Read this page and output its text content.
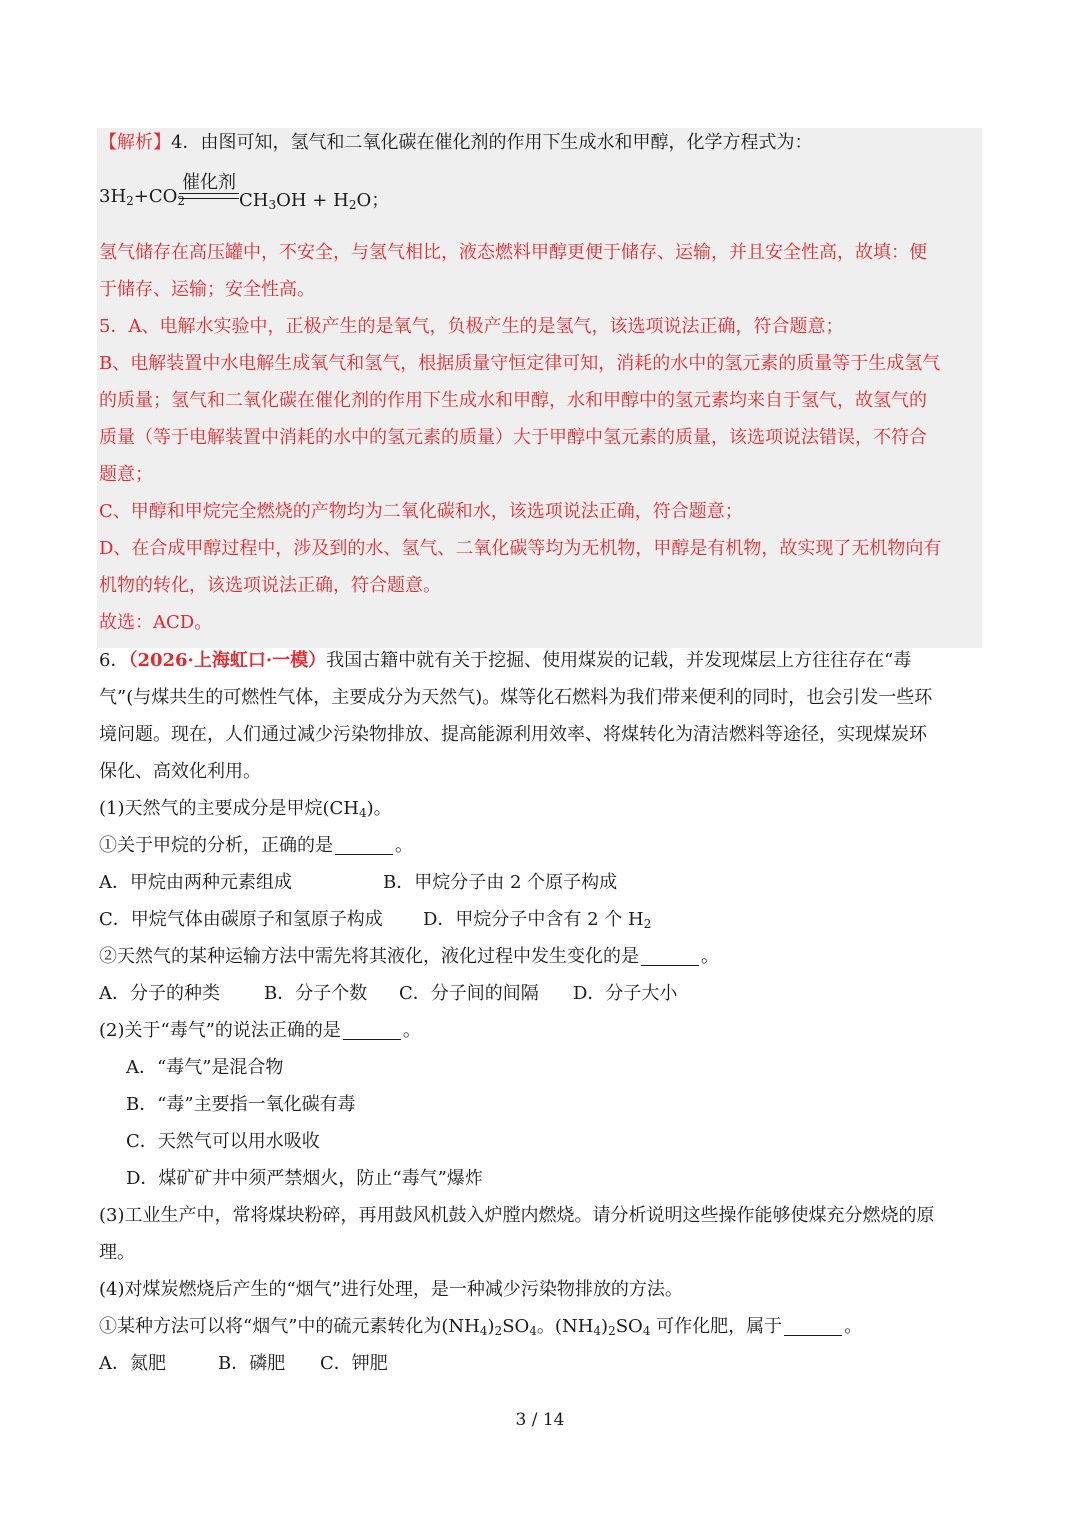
【解析】4．由图可知，氢气和二氧化碳在催化剂的作用下生成水和甲醇，化学方程式为：
$3H_2+CO_2$
催化剂
$CH_3OH + H_2O$；
氢气储存在高压罐中，不安全，与氢气相比，液态燃料甲醇更便于储存、运输，并且安全性高，故填：便
于储存、运输；安全性高。
5．A、电解水实验中，正极产生的是氧气，负极产生的是氢气，该选项说法正确，符合题意；
B、电解装置中水电解生成氧气和氢气，根据质量守恒定律可知，消耗的水中的氢元素的质量等于生成氢气
的质量；氢气和二氧化碳在催化剂的作用下生成水和甲醇，水和甲醇中的氢元素均来自于氢气，故氢气的
质量（等于电解装置中消耗的水中的氢元素的质量）大于甲醇中氢元素的质量，该选项说法错误，不符合
题意；
C、甲醇和甲烷完全燃烧的产物均为二氧化碳和水，该选项说法正确，符合题意；
D、在合成甲醇过程中，涉及到的水、氢气、二氧化碳等均为无机物，甲醇是有机物，故实现了无机物向有
机物的转化，该选项说法正确，符合题意。
故选：ACD。
6．（2026·上海虹口·一模）我国古籍中就有关于挖掘、使用煤炭的记载，并发现煤层上方往往存在“毒
气”(与煤共生的可燃性气体，主要成分为天然气)。煤等化石燃料为我们带来便利的同时，也会引发一些环
境问题。现在，人们通过减少污染物排放、提高能源利用效率、将煤转化为清洁燃料等途径，实现煤炭环
保化、高效化利用。
(1)天然气的主要成分是甲烷$(CH_4)$。
①关于甲烷的分析，正确的是	。
A．甲烷由两种元素组成	B．甲烷分子由 2 个原子构成
C．甲烷气体由碳原子和氢原子构成 D．甲烷分子中含有 2 个 $H_2$
②天然气的某种运输方法中需先将其液化，液化过程中发生变化的是	。
A．分子的种类 B．分子个数 C．分子间的间隔 D．分子大小
(2)关于“毒气”的说法正确的是	。
A．“毒气”是混合物
B．“毒”主要指一氧化碳有毒
C．天然气可以用水吸收
D．煤矿矿井中须严禁烟火，防止“毒气”爆炸
(3)工业生产中，常将煤块粉碎，再用鼓风机鼓入炉膛内燃烧。请分析说明这些操作能够使煤充分燃烧的原
理。
(4)对煤炭燃烧后产生的“烟气”进行处理，是一种减少污染物排放的方法。
①某种方法可以将“烟气”中的硫元素转化为$(NH_4)_2SO_4$。$(NH_4)_2SO_4$ 可作化肥，属于	。
A．氮肥	B．磷肥 C．钾肥
3 / 14
